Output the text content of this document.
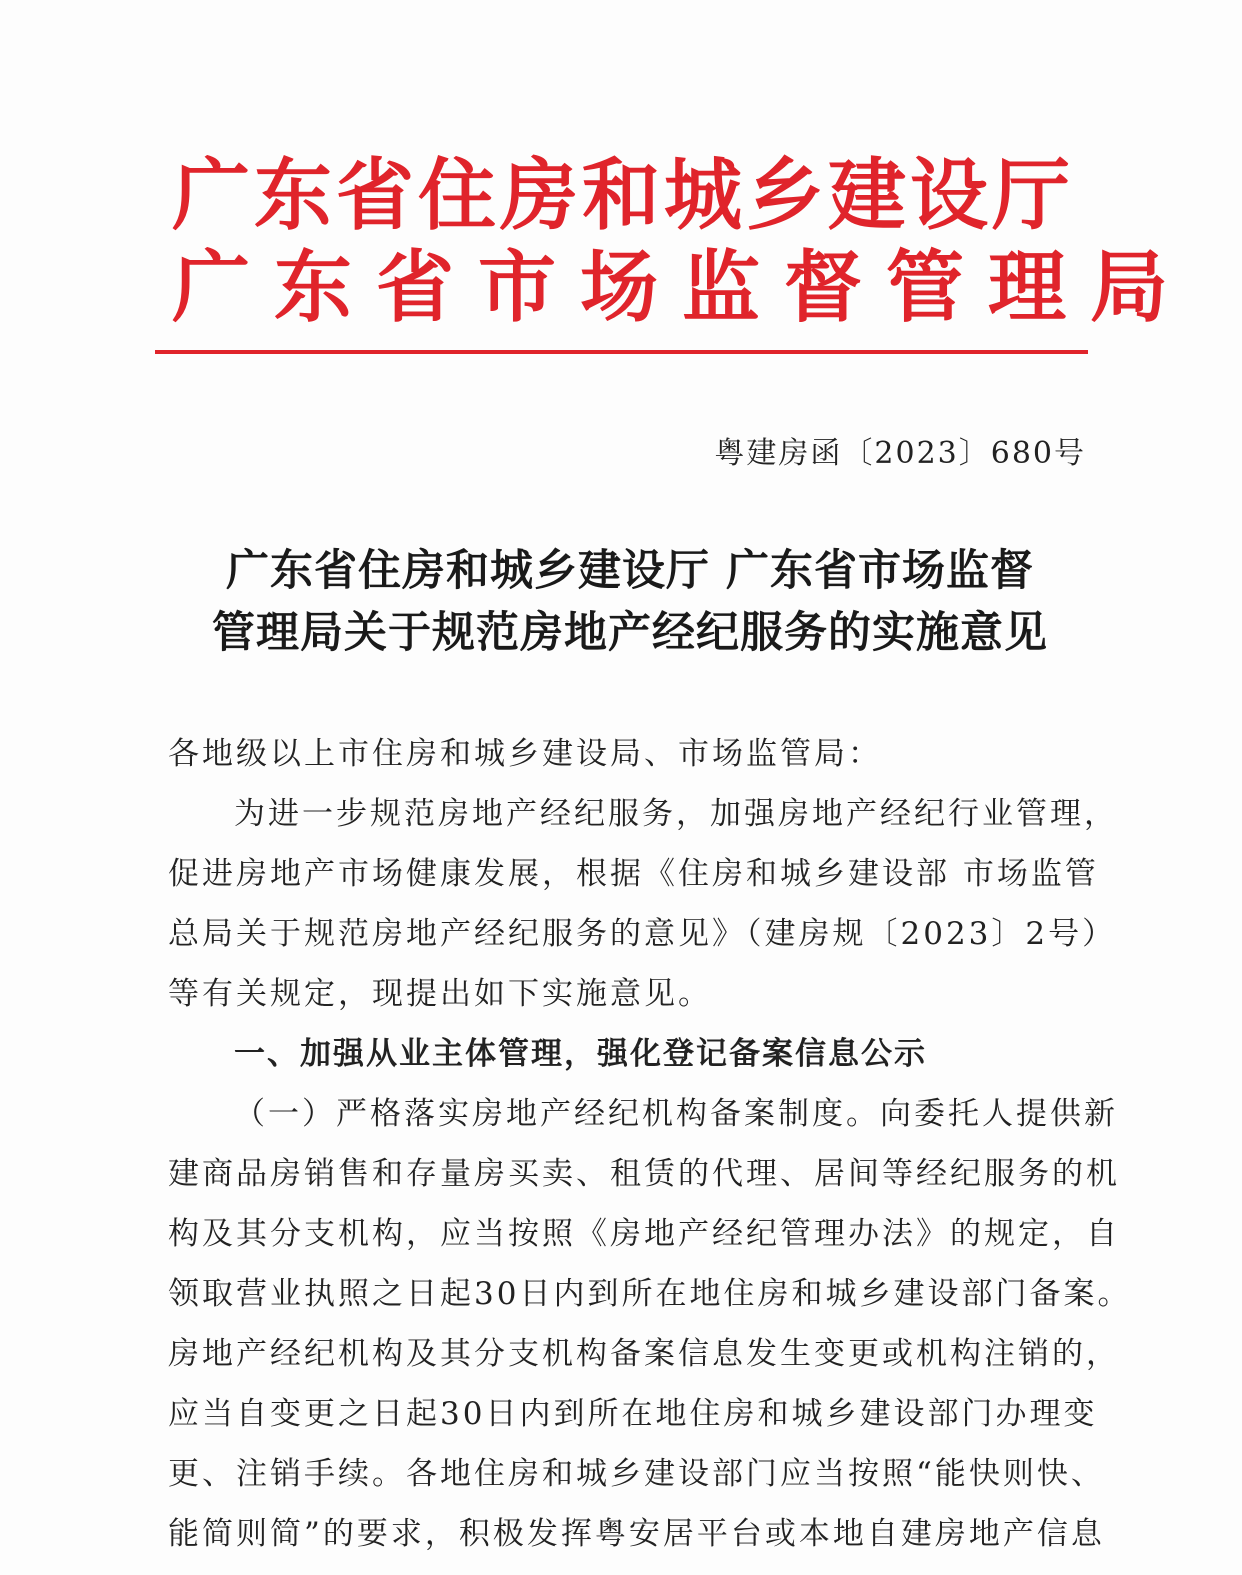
广东省住房和城乡建设厅
广东省市场监督管理局
粤建房函〔2023〕680号
广东省住房和城乡建设厅 广东省市场监督
管理局关于规范房地产经纪服务的实施意见

各地级以上市住房和城乡建设局、市场监管局：

为进一步规范房地产经纪服务，加强房地产经纪行业管理，
促进房地产市场健康发展，根据《住房和城乡建设部 市场监管
总局关于规范房地产经纪服务的意见》（建房规〔2023〕2号）
等有关规定，现提出如下实施意见。

一、加强从业主体管理，强化登记备案信息公示

（一）严格落实房地产经纪机构备案制度。向委托人提供新
建商品房销售和存量房买卖、租赁的代理、居间等经纪服务的机
构及其分支机构，应当按照《房地产经纪管理办法》的规定，自
领取营业执照之日起30日内到所在地住房和城乡建设部门备案。
房地产经纪机构及其分支机构备案信息发生变更或机构注销的，
应当自变更之日起30日内到所在地住房和城乡建设部门办理变
更、注销手续。各地住房和城乡建设部门应当按照“能快则快、
能简则简”的要求，积极发挥粤安居平台或本地自建房地产信息
